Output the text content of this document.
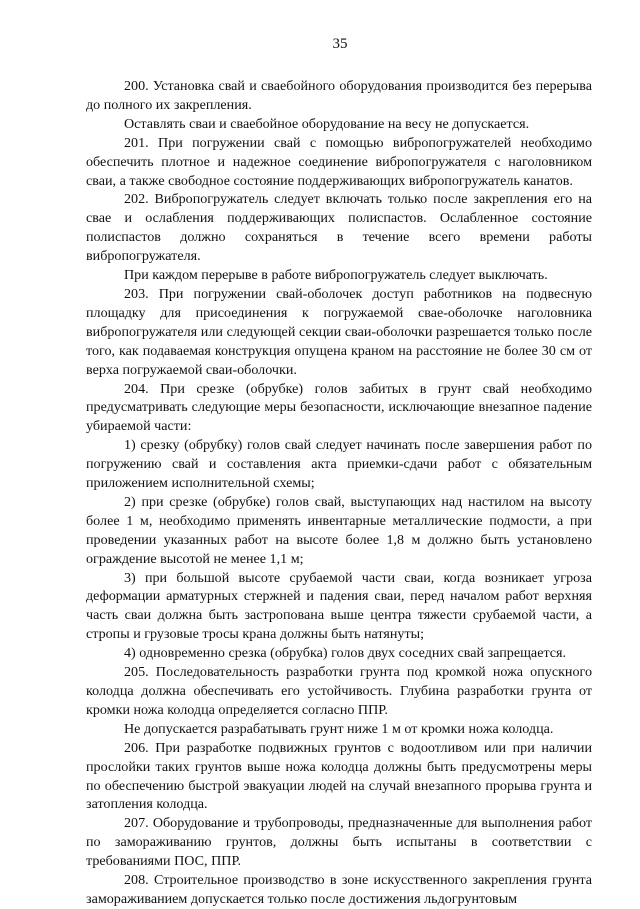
35

200. Установка свай и сваебойного оборудования производится без перерыва до полного их закрепления.

Оставлять сваи и сваебойное оборудование на весу не допускается.

201. При погружении свай с помощью вибропогружателей необходимо обеспечить плотное и надежное соединение вибропогружателя с наголовником сваи, а также свободное состояние поддерживающих вибропогружатель канатов.

202. Вибропогружатель следует включать только после закрепления его на свае и ослабления поддерживающих полиспастов. Ослабленное состояние полиспастов должно сохраняться в течение всего времени работы вибропогружателя.

При каждом перерыве в работе вибропогружатель следует выключать.

203. При погружении свай-оболочек доступ работников на подвесную площадку для присоединения к погружаемой сваe-оболочке наголовника вибропогружателя или следующей секции сваи-оболочки разрешается только после того, как подаваемая конструкция опущена краном на расстояние не более 30 см от верха погружаемой сваи-оболочки.

204. При срезке (обрубке) голов забитых в грунт свай необходимо предусматривать следующие меры безопасности, исключающие внезапное падение убираемой части:

1) срезку (обрубку) голов свай следует начинать после завершения работ по погружению свай и составления акта приемки-сдачи работ с обязательным приложением исполнительной схемы;

2) при срезке (обрубке) голов свай, выступающих над настилом на высоту более 1 м, необходимо применять инвентарные металлические подмости, а при проведении указанных работ на высоте более 1,8 м должно быть установлено ограждение высотой не менее 1,1 м;

3) при большой высоте срубаемой части сваи, когда возникает угроза деформации арматурных стержней и падения сваи, перед началом работ верхняя часть сваи должна быть застропована выше центра тяжести срубаемой части, а стропы и грузовые тросы крана должны быть натянуты;

4) одновременно срезка (обрубка) голов двух соседних свай запрещается.

205. Последовательность разработки грунта под кромкой ножа опускного колодца должна обеспечивать его устойчивость. Глубина разработки грунта от кромки ножа колодца определяется согласно ППР.

Не допускается разрабатывать грунт ниже 1 м от кромки ножа колодца.

206. При разработке подвижных грунтов с водоотливом или при наличии прослойки таких грунтов выше ножа колодца должны быть предусмотрены меры по обеспечению быстрой эвакуации людей на случай внезапного прорыва грунта и затопления колодца.

207. Оборудование и трубопроводы, предназначенные для выполнения работ по замораживанию грунтов, должны быть испытаны в соответствии с требованиями ПОС, ППР.

208. Строительное производство в зоне искусственного закрепления грунта замораживанием допускается только после достижения льдогрунтовым
